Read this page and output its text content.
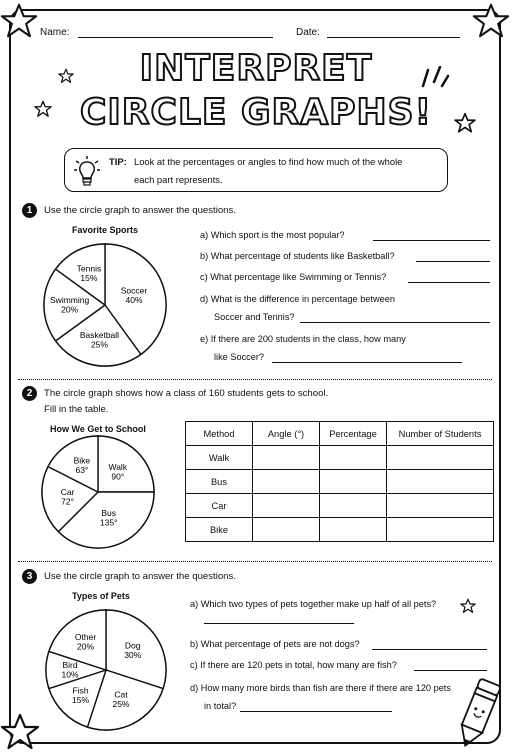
Name:	Date:
INTERPRET
CIRCLE GRAPHS!
TIP: Look at the percentages or angles to find how much of the whole
each part represents.
1	Use the circle graph to answer the questions.
Favorite Sports
Soccer 40%
Basketball 25%
Swimming 20%
Tennis 15%
a) Which sport is the most popular?
b) What percentage of students like Basketball?
c) What percentage like Swimming or Tennis?
d) What is the difference in percentage between
Soccer and Tennis?
e) If there are 200 students in the class, how many
like Soccer?
2	The circle graph shows how a class of 160 students gets to school.
Fill in the table.
How We Get to School
Walk 90°
Bus 135°
Car 72°
Bike 63°
Method	Angle (°)	Percentage	Number of Students
Walk			
Bus			
Car			
Bike			
3	Use the circle graph to answer the questions.
Types of Pets
Dog 30%
Cat 25%
Fish 15%
Bird 10%
Other 20%
a) Which two types of pets together make up half of all pets?
b) What percentage of pets are not dogs?
c) If there are 120 pets in total, how many are fish?
d) How many more birds than fish are there if there are 120 pets
in total?
